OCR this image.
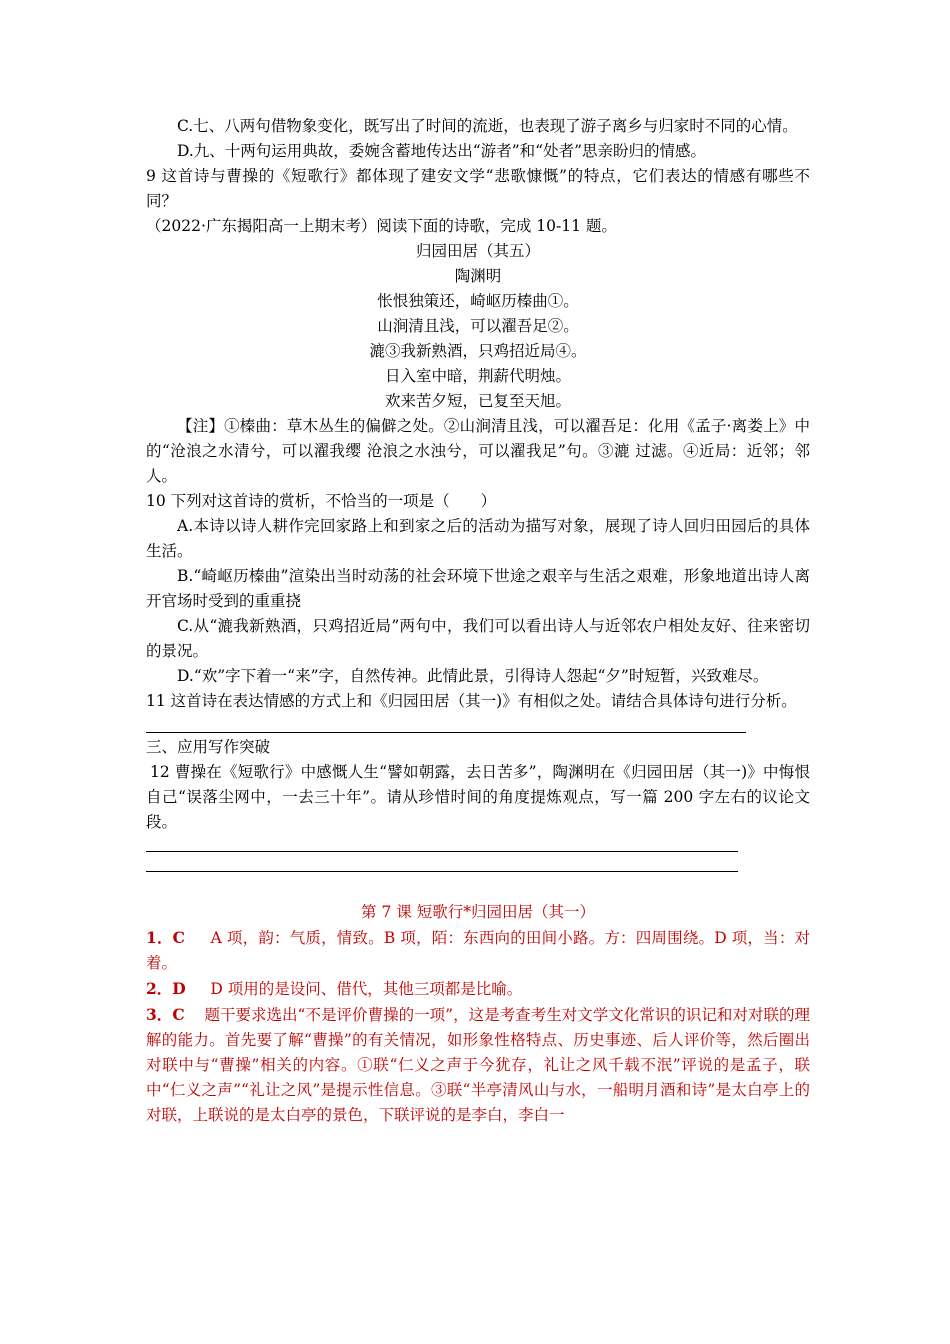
C.七、八两句借物象变化，既写出了时间的流逝，也表现了游子离乡与归家时不同的心情。

D.九、十两句运用典故，委婉含蓄地传达出“游者”和“处者”思亲盼归的情感。

9 这首诗与曹操的《短歌行》都体现了建安文学“悲歌慷慨”的特点，它们表达的情感有哪些不同？

（2022·广东揭阳高一上期末考）阅读下面的诗歌，完成 10-11 题。

归园田居（其五）

陶渊明

怅恨独策还，崎岖历榛曲①。

山涧清且浅，可以濯吾足②。

漉③我新熟酒，只鸡招近局④。

日入室中暗，荆薪代明烛。

欢来苦夕短，已复至天旭。

【注】①榛曲：草木丛生的偏僻之处。②山涧清且浅，可以濯吾足：化用《孟子·离娄上》中的“沧浪之水清兮，可以濯我缨 沧浪之水浊兮，可以濯我足”句。③漉 过滤。④近局：近邻；邻人。

10 下列对这首诗的赏析，不恰当的一项是（　　）

A.本诗以诗人耕作完回家路上和到家之后的活动为描写对象，展现了诗人回归田园后的具体生活。

B.“崎岖历榛曲”渲染出当时动荡的社会环境下世途之艰辛与生活之艰难，形象地道出诗人离开官场时受到的重重挠

C.从“漉我新熟酒，只鸡招近局”两句中，我们可以看出诗人与近邻农户相处友好、往来密切的景况。

D.“欢”字下着一“来”字，自然传神。此情此景，引得诗人怨起“夕”时短暂，兴致难尽。

11 这首诗在表达情感的方式上和《归园田居（其一)》有相似之处。请结合具体诗句进行分析。

三、应用写作突破

12 曹操在《短歌行》中感慨人生“譬如朝露，去日苦多”，陶渊明在《归园田居（其一)》中悔恨自己“误落尘网中，一去三十年”。请从珍惜时间的角度提炼观点，写一篇 200 字左右的议论文段。

第 7 课 短歌行*归园田居（其一）

1．C A 项，韵：气质，情致。B 项，陌：东西向的田间小路。方：四周围绕。D 项，当：对着。

2．D D 项用的是设问、借代，其他三项都是比喻。

3．C 题干要求选出“不是评价曹操的一项”，这是考查考生对文学文化常识的识记和对对联的理解的能力。首先要了解“曹操”的有关情况，如形象性格特点、历史事迹、后人评价等，然后圈出对联中与“曹操”相关的内容。①联“仁义之声于今犹存，礼让之风千载不泯”评说的是孟子，联中“仁义之声”“礼让之风”是提示性信息。③联“半亭清风山与水，一船明月酒和诗”是太白亭上的对联，上联说的是太白亭的景色，下联评说的是李白，李白一
